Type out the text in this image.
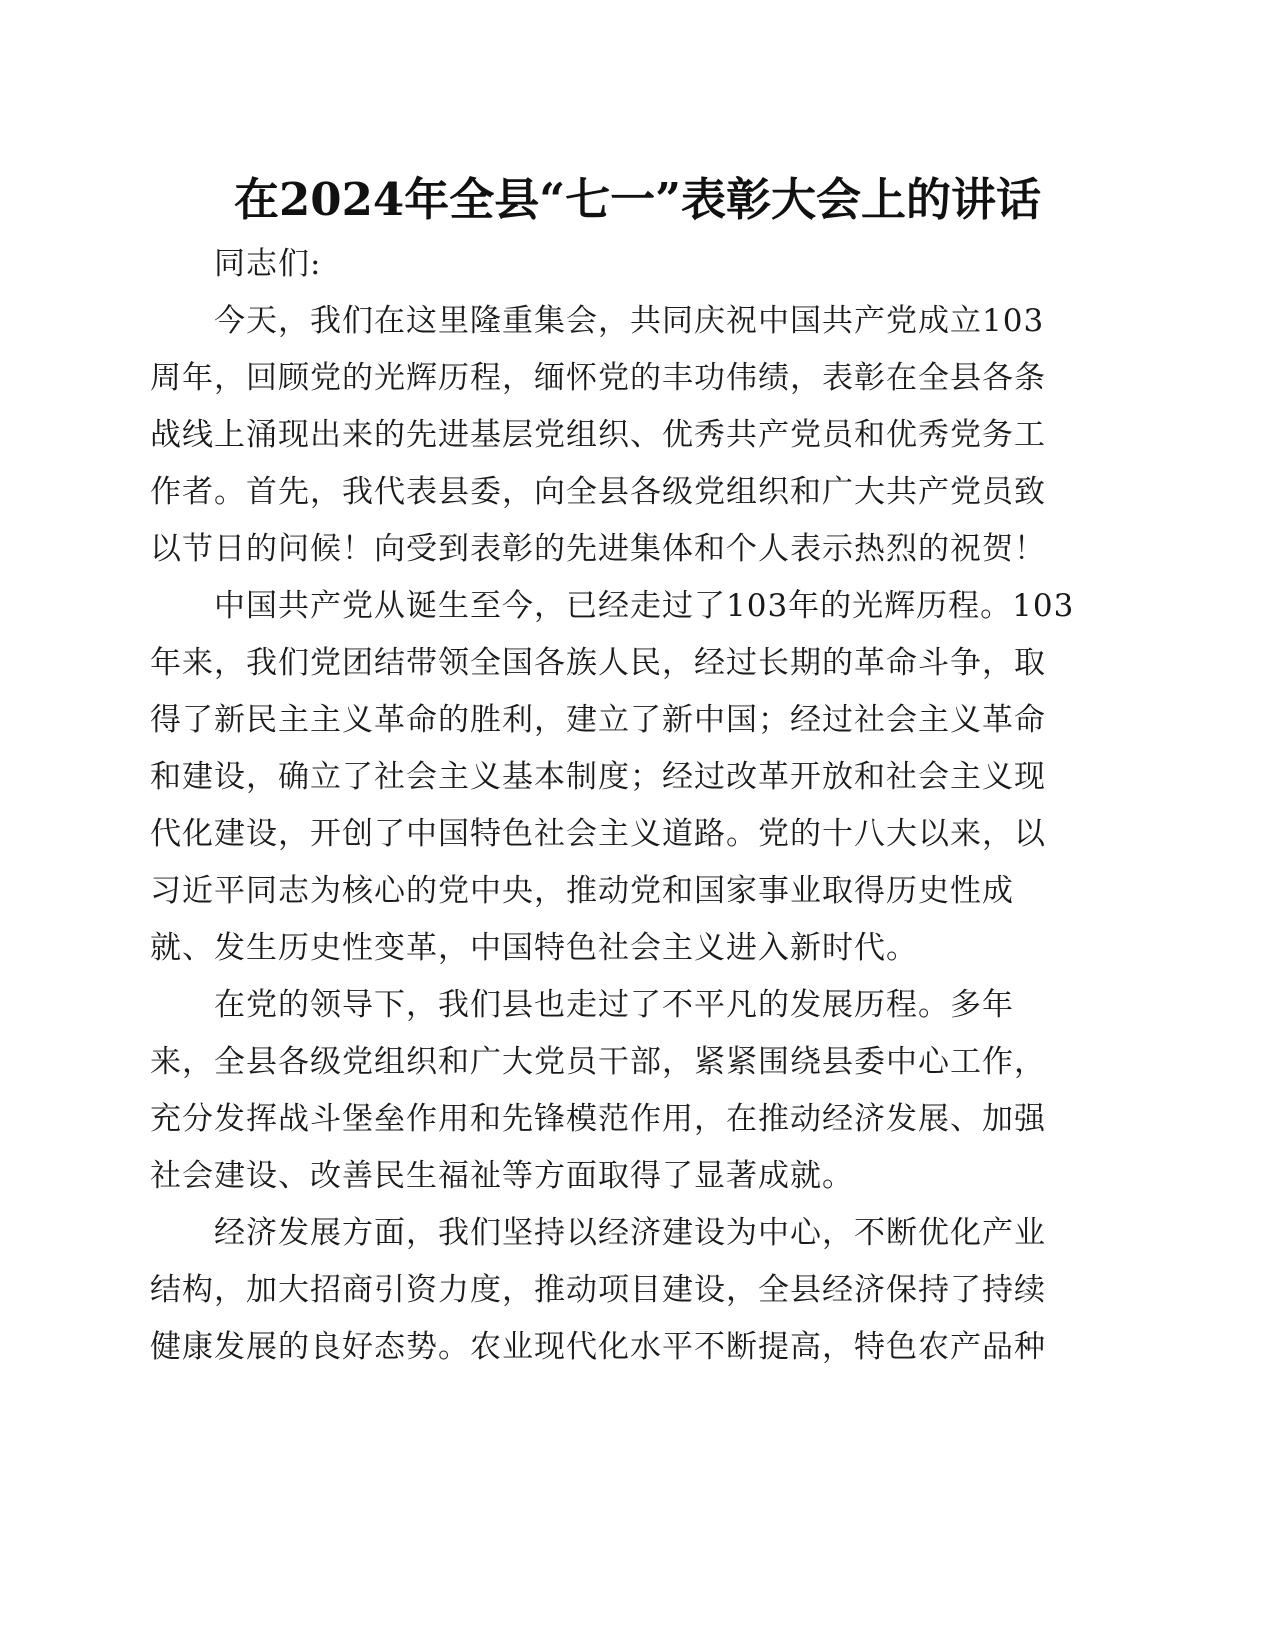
在2024年全县“七一”表彰大会上的讲话
同志们:
今天，我们在这里隆重集会，共同庆祝中国共产党成立103
周年，回顾党的光辉历程，缅怀党的丰功伟绩，表彰在全县各条
战线上涌现出来的先进基层党组织、优秀共产党员和优秀党务工
作者。首先，我代表县委，向全县各级党组织和广大共产党员致
以节日的问候！向受到表彰的先进集体和个人表示热烈的祝贺！
中国共产党从诞生至今，已经走过了103年的光辉历程。103
年来，我们党团结带领全国各族人民，经过长期的革命斗争，取
得了新民主主义革命的胜利，建立了新中国；经过社会主义革命
和建设，确立了社会主义基本制度；经过改革开放和社会主义现
代化建设，开创了中国特色社会主义道路。党的十八大以来，以
习近平同志为核心的党中央，推动党和国家事业取得历史性成
就、发生历史性变革，中国特色社会主义进入新时代。
在党的领导下，我们县也走过了不平凡的发展历程。多年
来，全县各级党组织和广大党员干部，紧紧围绕县委中心工作，
充分发挥战斗堡垒作用和先锋模范作用，在推动经济发展、加强
社会建设、改善民生福祉等方面取得了显著成就。
经济发展方面，我们坚持以经济建设为中心，不断优化产业
结构，加大招商引资力度，推动项目建设，全县经济保持了持续
健康发展的良好态势。农业现代化水平不断提高，特色农产品种
